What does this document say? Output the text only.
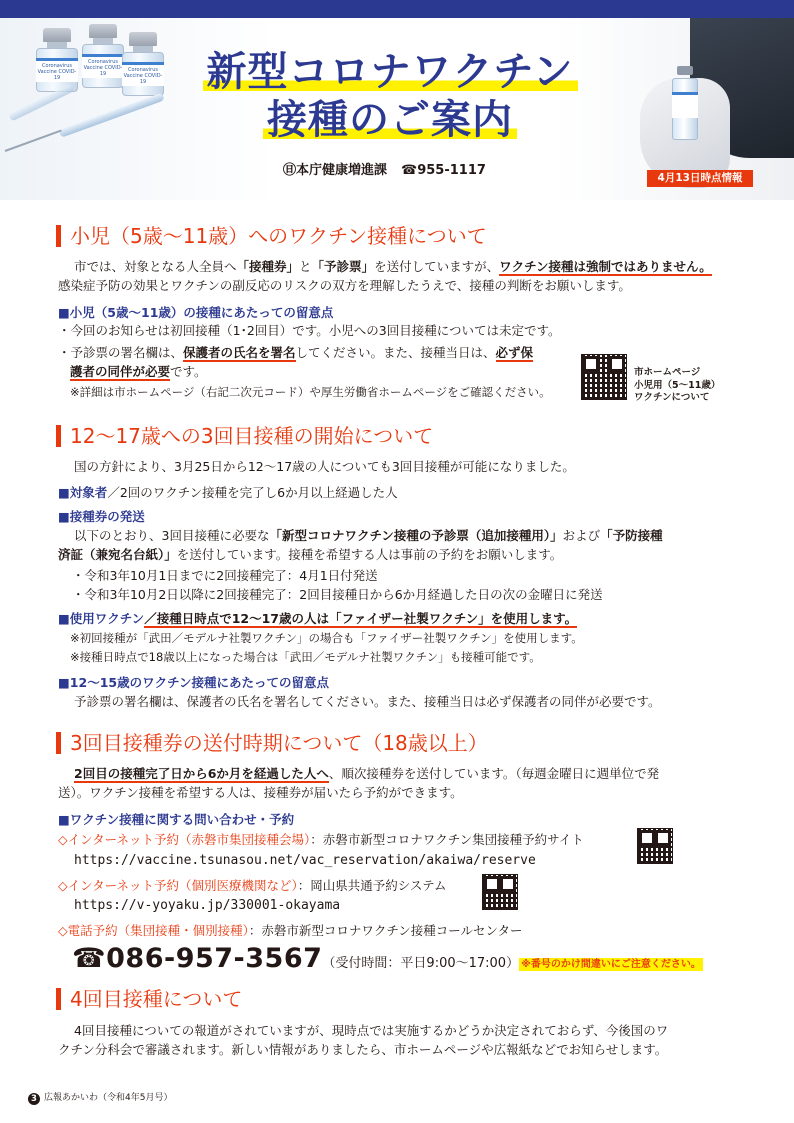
Coronavirus Vaccine COVID-19
Coronavirus Vaccine COVID-19
Coronavirus Vaccine COVID-19	新型コロナワクチン
接種のご案内
㊐本庁健康増進課 ☎955-1117	4月13日時点情報
小児（5歳〜11歳）へのワクチン接種について
市では、対象となる人全員へ「接種券」と「予診票」を送付していますが、ワクチン接種は強制ではありません。
感染症予防の効果とワクチンの副反応のリスクの双方を理解したうえで、接種の判断をお願いします。
■小児（5歳〜11歳）の接種にあたっての留意点
・今回のお知らせは初回接種（1･2回目）です。小児への3回目接種については未定です。
・予診票の署名欄は、保護者の氏名を署名してください。また、接種当日は、必ず保
護者の同伴が必要です。
※詳細は市ホームページ（右記二次元コード）や厚生労働省ホームページをご確認ください。
市ホームページ
小児用（5〜11歳）
ワクチンについて
12〜17歳への3回目接種の開始について
国の方針により、3月25日から12〜17歳の人についても3回目接種が可能になりました。
■対象者／2回のワクチン接種を完了し6か月以上経過した人
■接種券の発送
以下のとおり、3回目接種に必要な「新型コロナワクチン接種の予診票（追加接種用）」および「予防接種
済証（兼宛名台紙）」を送付しています。接種を希望する人は事前の予約をお願いします。
・令和3年10月1日までに2回接種完了：4月1日付発送
・令和3年10月2日以降に2回接種完了：2回目接種日から6か月経過した日の次の金曜日に発送
■使用ワクチン／接種日時点で12〜17歳の人は「ファイザー社製ワクチン」を使用します。
※初回接種が「武田／モデルナ社製ワクチン」の場合も「ファイザー社製ワクチン」を使用します。
※接種日時点で18歳以上になった場合は「武田／モデルナ社製ワクチン」も接種可能です。
■12〜15歳のワクチン接種にあたっての留意点
予診票の署名欄は、保護者の氏名を署名してください。また、接種当日は必ず保護者の同伴が必要です。
3回目接種券の送付時期について（18歳以上）
2回目の接種完了日から6か月を経過した人へ、順次接種券を送付しています。（毎週金曜日に週単位で発
送）。ワクチン接種を希望する人は、接種券が届いたら予約ができます。
■ワクチン接種に関する問い合わせ・予約
◇インターネット予約（赤磐市集団接種会場）：赤磐市新型コロナワクチン集団接種予約サイト
https://vaccine.tsunasou.net/vac_reservation/akaiwa/reserve
◇インターネット予約（個別医療機関など）：岡山県共通予約システム
https://v-yoyaku.jp/330001-okayama
◇電話予約（集団接種・個別接種）：赤磐市新型コロナワクチン接種コールセンター
☎086-957-3567（受付時間：平日9:00〜17:00） ※番号のかけ間違いにご注意ください。
4回目接種について
4回目接種についての報道がされていますが、現時点では実施するかどうか決定されておらず、今後国のワ
クチン分科会で審議されます。新しい情報がありましたら、市ホームページや広報紙などでお知らせします。
3 広報あかいわ（令和4年5月号）
